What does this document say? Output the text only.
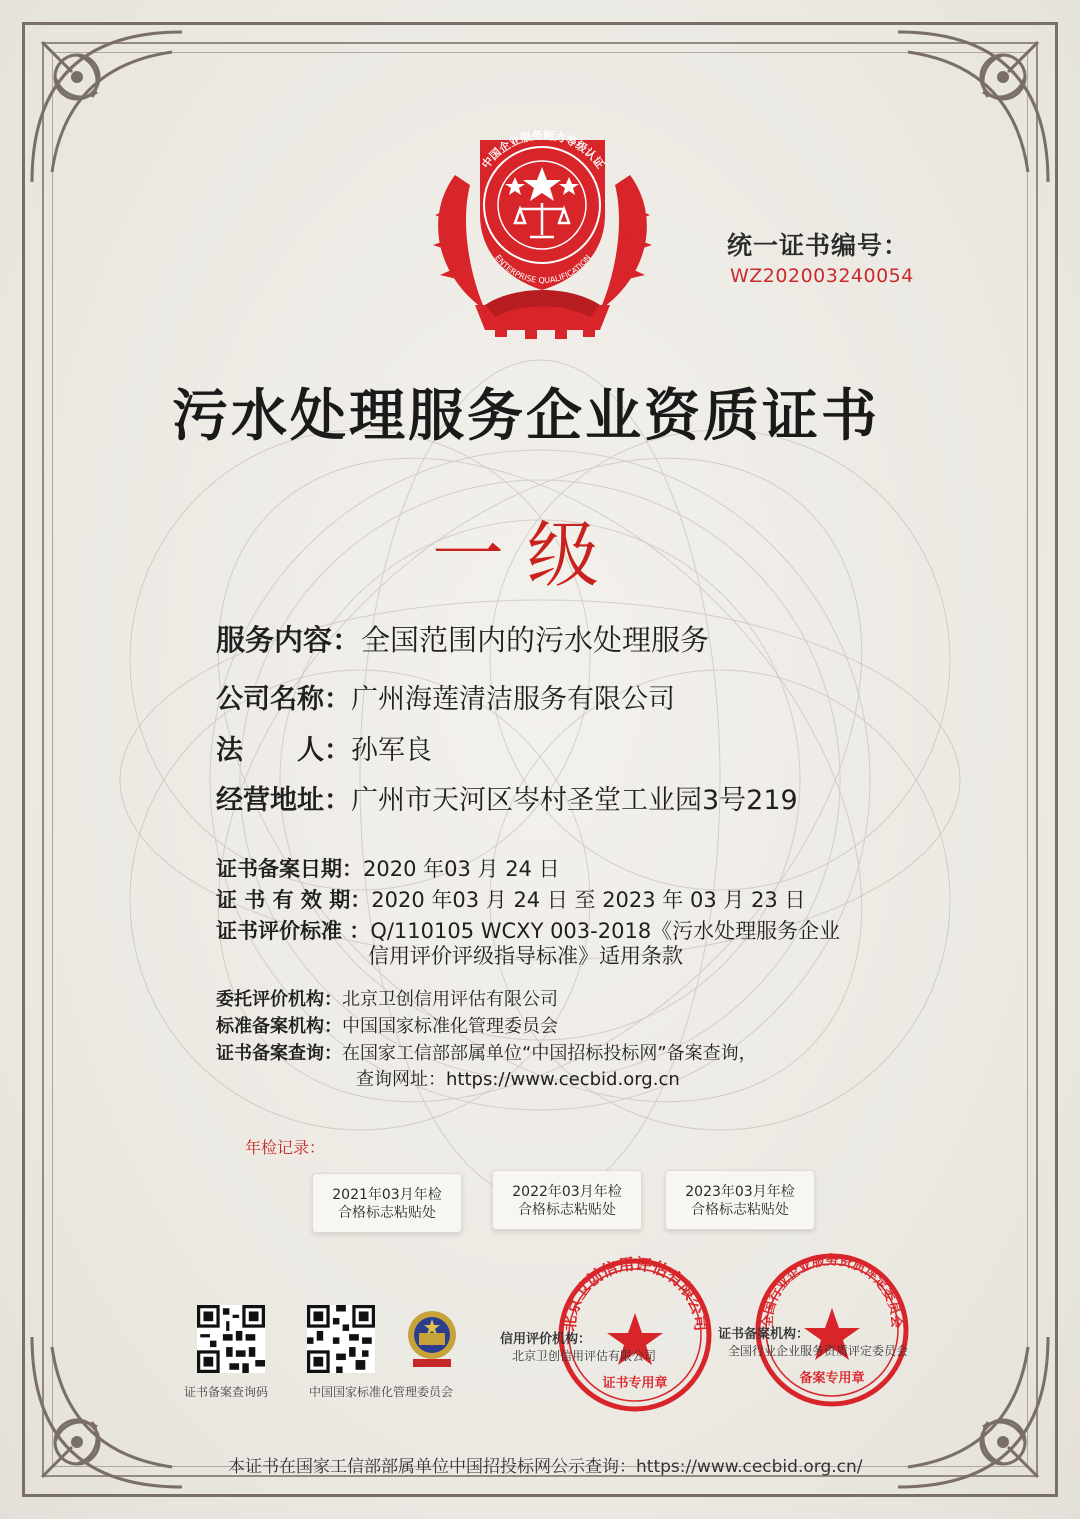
中国企业服务能力等级认证
ENTERPRISE QUALIFICATION	统一证书编号：
WZ202003240054
污水处理服务企业资质证书
一 级
服务内容：全国范围内的污水处理服务
公司名称：广州海莲清洁服务有限公司
法　　人：孙军良
经营地址：广州市天河区岑村圣堂工业园3号219
证书备案日期：2020 年03 月 24 日
证 书 有 效 期：2020 年03 月 24 日 至 2023 年 03 月 23 日
证书评价标准 ：Q/110105 WCXY 003-2018《污水处理服务企业
信用评价评级指导标准》适用条款
委托评价机构：北京卫创信用评估有限公司
标准备案机构：中国国家标准化管理委员会
证书备案查询：在国家工信部部属单位“中国招标投标网”备案查询，
查询网址：https://www.cecbid.org.cn
年检记录：
2021年03月年检
合格标志粘贴处
2022年03月年检
合格标志粘贴处
2023年03月年检
合格标志粘贴处
证书备案查询码	中国国家标准化管理委员会
北京卫创信用评估有限公司
证书专用章
信用评价机构：
北京卫创信用评估有限公司
全国行业企业服务资质评定委员会
备案专用章
证书备案机构：
全国行业企业服务资质评定委员会
本证书在国家工信部部属单位中国招投标网公示查询：https://www.cecbid.org.cn/
